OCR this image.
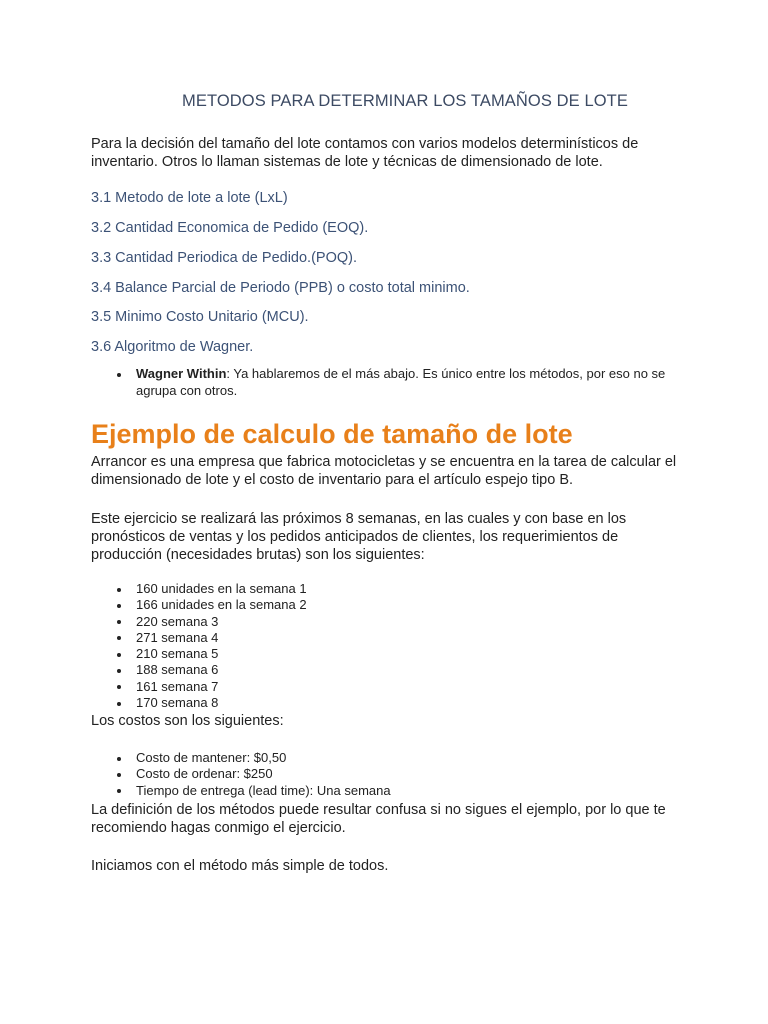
METODOS PARA DETERMINAR LOS TAMAÑOS DE LOTE
Para la decisión del tamaño del lote contamos con varios modelos determinísticos de inventario. Otros lo llaman sistemas de lote y técnicas de dimensionado de lote.
3.1 Metodo de lote a lote (LxL)
3.2 Cantidad Economica de Pedido (EOQ).
3.3 Cantidad Periodica de Pedido.(POQ).
3.4 Balance Parcial de Periodo (PPB) o costo total minimo.
3.5 Minimo Costo Unitario (MCU).
3.6 Algoritmo de Wagner.
Wagner Within: Ya hablaremos de el más abajo. Es único entre los métodos, por eso no se agrupa con otros.
Ejemplo de calculo de tamaño de lote
Arrancor es una empresa que fabrica motocicletas y se encuentra en la tarea de calcular el dimensionado de lote y el costo de inventario para el artículo espejo tipo B.
Este ejercicio se realizará las próximos 8 semanas, en las cuales y con base en los pronósticos de ventas y los pedidos anticipados de clientes, los requerimientos de producción (necesidades brutas) son los siguientes:
160 unidades en la semana 1
166 unidades en la semana 2
220 semana 3
271 semana 4
210 semana 5
188 semana 6
161 semana 7
170 semana 8
Los costos son los siguientes:
Costo de mantener: $0,50
Costo de ordenar: $250
Tiempo de entrega (lead time): Una semana
La definición de los métodos puede resultar confusa si no sigues el ejemplo, por lo que te recomiendo hagas conmigo el ejercicio.
Iniciamos con el método más simple de todos.
